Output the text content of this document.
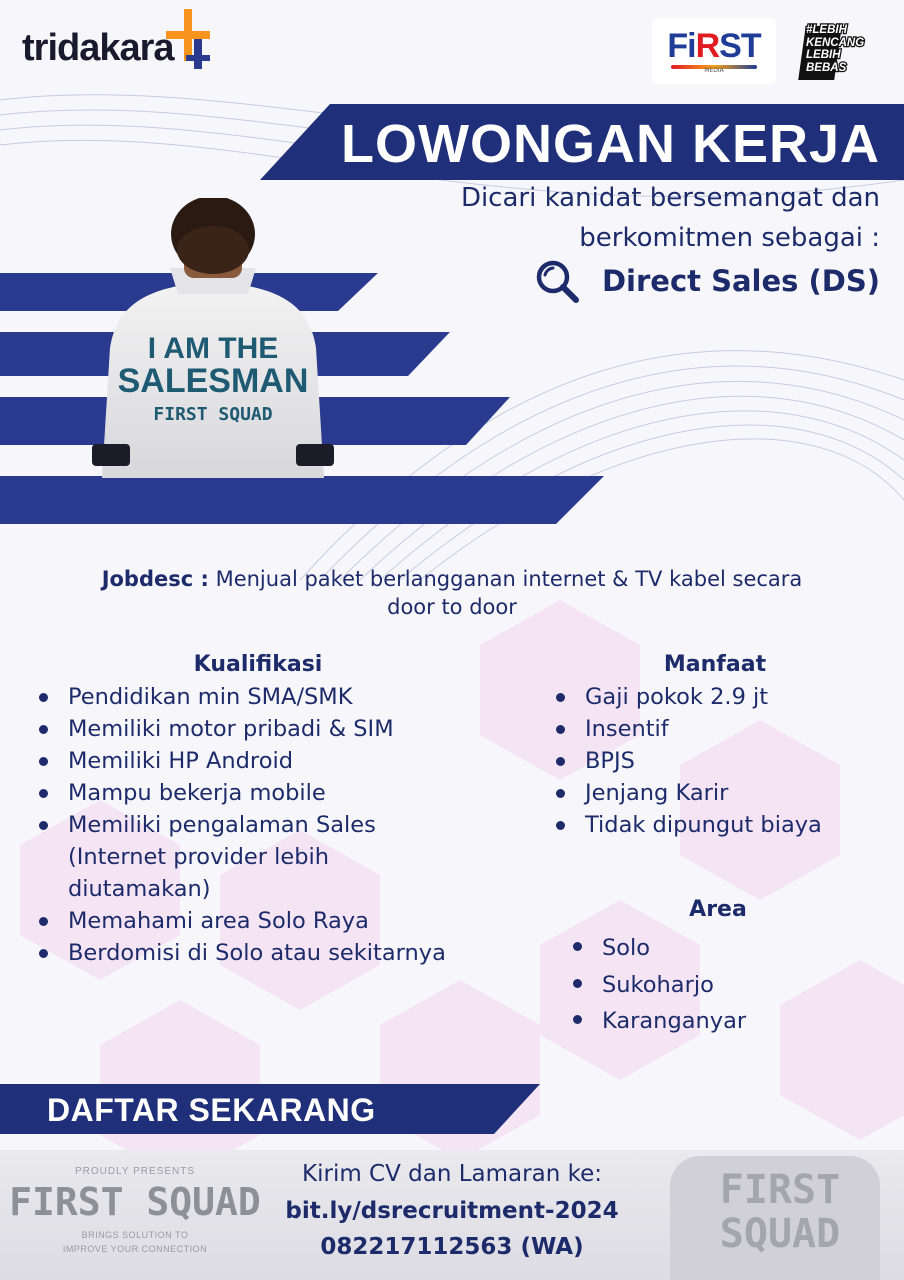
tridakara	FiRST
MEDIA
#LEBIH
KENCANG
LEBIH
BEBAS
LOWONGAN KERJA
Dicari kanidat bersemangat dan
berkomitmen sebagai :
Direct Sales (DS)
I AM THE
SALESMAN
FIRST SQUAD
Jobdesc : Menjual paket berlangganan internet & TV kabel secara
door to door
Kualifikasi
Pendidikan min SMA/SMK
Memiliki motor pribadi & SIM
Memiliki HP Android
Mampu bekerja mobile
Memiliki pengalaman Sales (Internet provider lebih diutamakan)
Memahami area Solo Raya
Berdomisi di Solo atau sekitarnya
Manfaat
Gaji pokok 2.9 jt
Insentif
BPJS
Jenjang Karir
Tidak dipungut biaya
Area
Solo
Sukoharjo
Karanganyar
DAFTAR SEKARANG
PROUDLY PRESENTS
FIRST SQUAD
BRINGS SOLUTION TO
IMPROVE YOUR CONNECTION
FIRST
SQUAD
Kirim CV dan Lamaran ke:
bit.ly/dsrecruitment-2024
082217112563 (WA)
